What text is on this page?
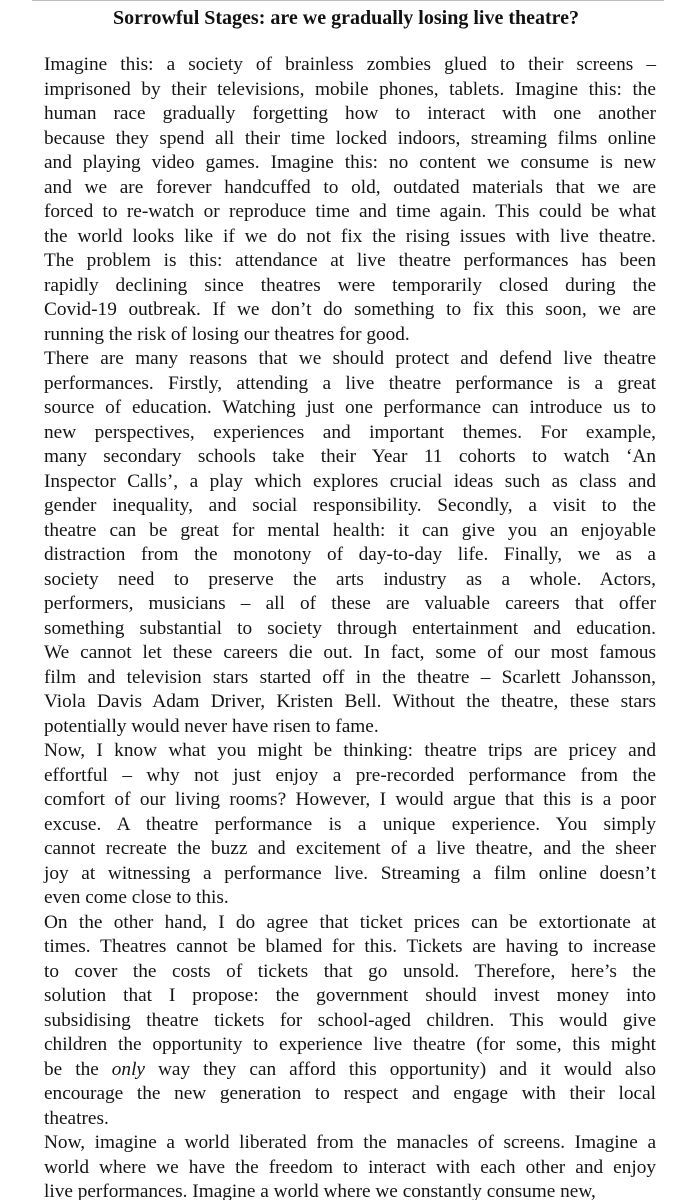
Sorrowful Stages: are we gradually losing live theatre?
Imagine this: a society of brainless zombies glued to their screens –
imprisoned by their televisions, mobile phones, tablets. Imagine this: the
human race gradually forgetting how to interact with one another
because they spend all their time locked indoors, streaming films online
and playing video games. Imagine this: no content we consume is new
and we are forever handcuffed to old, outdated materials that we are
forced to re-watch or reproduce time and time again. This could be what
the world looks like if we do not fix the rising issues with live theatre.
The problem is this: attendance at live theatre performances has been
rapidly declining since theatres were temporarily closed during the
Covid-19 outbreak. If we don’t do something to fix this soon, we are
running the risk of losing our theatres for good.
There are many reasons that we should protect and defend live theatre
performances. Firstly, attending a live theatre performance is a great
source of education. Watching just one performance can introduce us to
new perspectives, experiences and important themes. For example,
many secondary schools take their Year 11 cohorts to watch ‘An
Inspector Calls’, a play which explores crucial ideas such as class and
gender inequality, and social responsibility. Secondly, a visit to the
theatre can be great for mental health: it can give you an enjoyable
distraction from the monotony of day-to-day life. Finally, we as a
society need to preserve the arts industry as a whole. Actors,
performers, musicians – all of these are valuable careers that offer
something substantial to society through entertainment and education.
We cannot let these careers die out. In fact, some of our most famous
film and television stars started off in the theatre – Scarlett Johansson,
Viola Davis Adam Driver, Kristen Bell. Without the theatre, these stars
potentially would never have risen to fame.
Now, I know what you might be thinking: theatre trips are pricey and
effortful – why not just enjoy a pre-recorded performance from the
comfort of our living rooms? However, I would argue that this is a poor
excuse. A theatre performance is a unique experience. You simply
cannot recreate the buzz and excitement of a live theatre, and the sheer
joy at witnessing a performance live. Streaming a film online doesn’t
even come close to this.
On the other hand, I do agree that ticket prices can be extortionate at
times. Theatres cannot be blamed for this. Tickets are having to increase
to cover the costs of tickets that go unsold. Therefore, here’s the
solution that I propose: the government should invest money into
subsidising theatre tickets for school-aged children. This would give
children the opportunity to experience live theatre (for some, this might
be the only way they can afford this opportunity) and it would also
encourage the new generation to respect and engage with their local
theatres.
Now, imagine a world liberated from the manacles of screens. Imagine a
world where we have the freedom to interact with each other and enjoy
live performances. Imagine a world where we constantly consume new,
